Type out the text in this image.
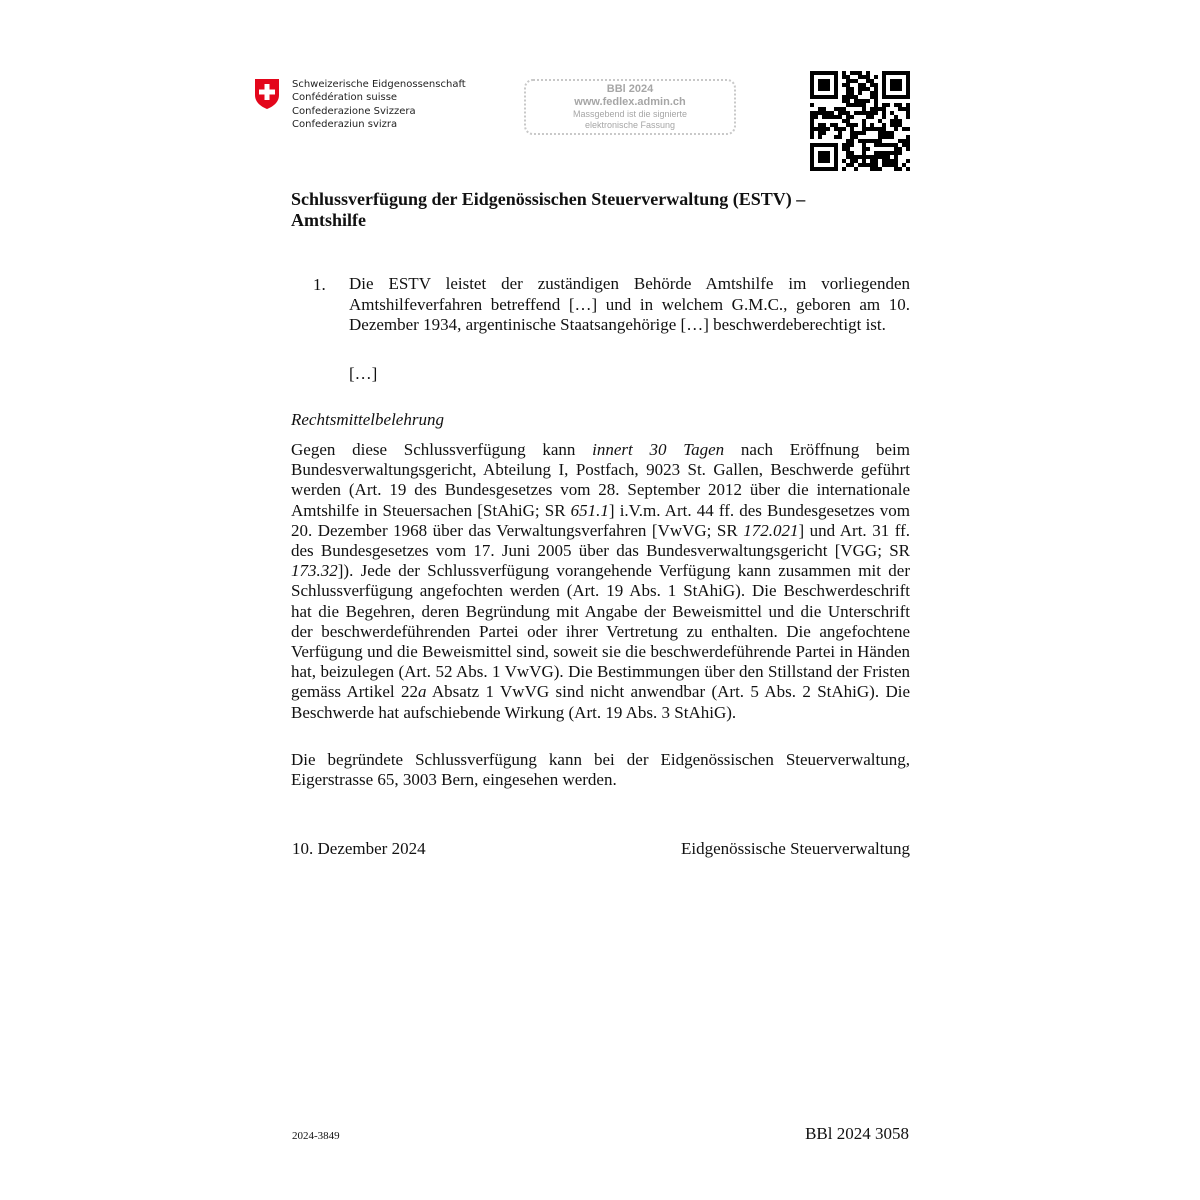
Schweizerische Eidgenossenschaft
Confédération suisse
Confederazione Svizzera
Confederaziun svizra
BBl 2024
www.fedlex.admin.ch
Massgebend ist die signierte
elektronische Fassung
Schlussverfügung der Eidgenössischen Steuerverwaltung (ESTV) –
Amtshilfe
1. Die ESTV leistet der zuständigen Behörde Amtshilfe im vorliegenden Amtshilfeverfahren betreffend […] und in welchem G.M.C., geboren am 10. Dezember 1934, argentinische Staatsangehörige […] beschwerdeberechtigt ist.
[…]
Rechtsmittelbelehrung
Gegen diese Schlussverfügung kann innert 30 Tagen nach Eröffnung beim Bundesverwaltungsgericht, Abteilung I, Postfach, 9023 St. Gallen, Beschwerde geführt werden (Art. 19 des Bundesgesetzes vom 28. September 2012 über die internationale Amtshilfe in Steuersachen [StAhiG; SR 651.1] i.V.m. Art. 44 ff. des Bundesgesetzes vom 20. Dezember 1968 über das Verwaltungsverfahren [VwVG; SR 172.021] und Art. 31 ff. des Bundesgesetzes vom 17. Juni 2005 über das Bundesverwaltungsgericht [VGG; SR 173.32]). Jede der Schlussverfügung vorangehende Verfügung kann zusammen mit der Schlussverfügung angefochten werden (Art. 19 Abs. 1 StAhiG). Die Beschwerdeschrift hat die Begehren, deren Begründung mit Angabe der Beweismittel und die Unterschrift der beschwerdeführenden Partei oder ihrer Vertretung zu enthalten. Die angefochtene Verfügung und die Beweismittel sind, soweit sie die beschwerdeführende Partei in Händen hat, beizulegen (Art. 52 Abs. 1 VwVG). Die Bestimmungen über den Stillstand der Fristen gemäss Artikel 22a Absatz 1 VwVG sind nicht anwendbar (Art. 5 Abs. 2 StAhiG). Die Beschwerde hat aufschiebende Wirkung (Art. 19 Abs. 3 StAhiG).
Die begründete Schlussverfügung kann bei der Eidgenössischen Steuerverwaltung, Eigerstrasse 65, 3003 Bern, eingesehen werden.
10. Dezember 2024	Eidgenössische Steuerverwaltung
2024-3849	BBl 2024 3058
